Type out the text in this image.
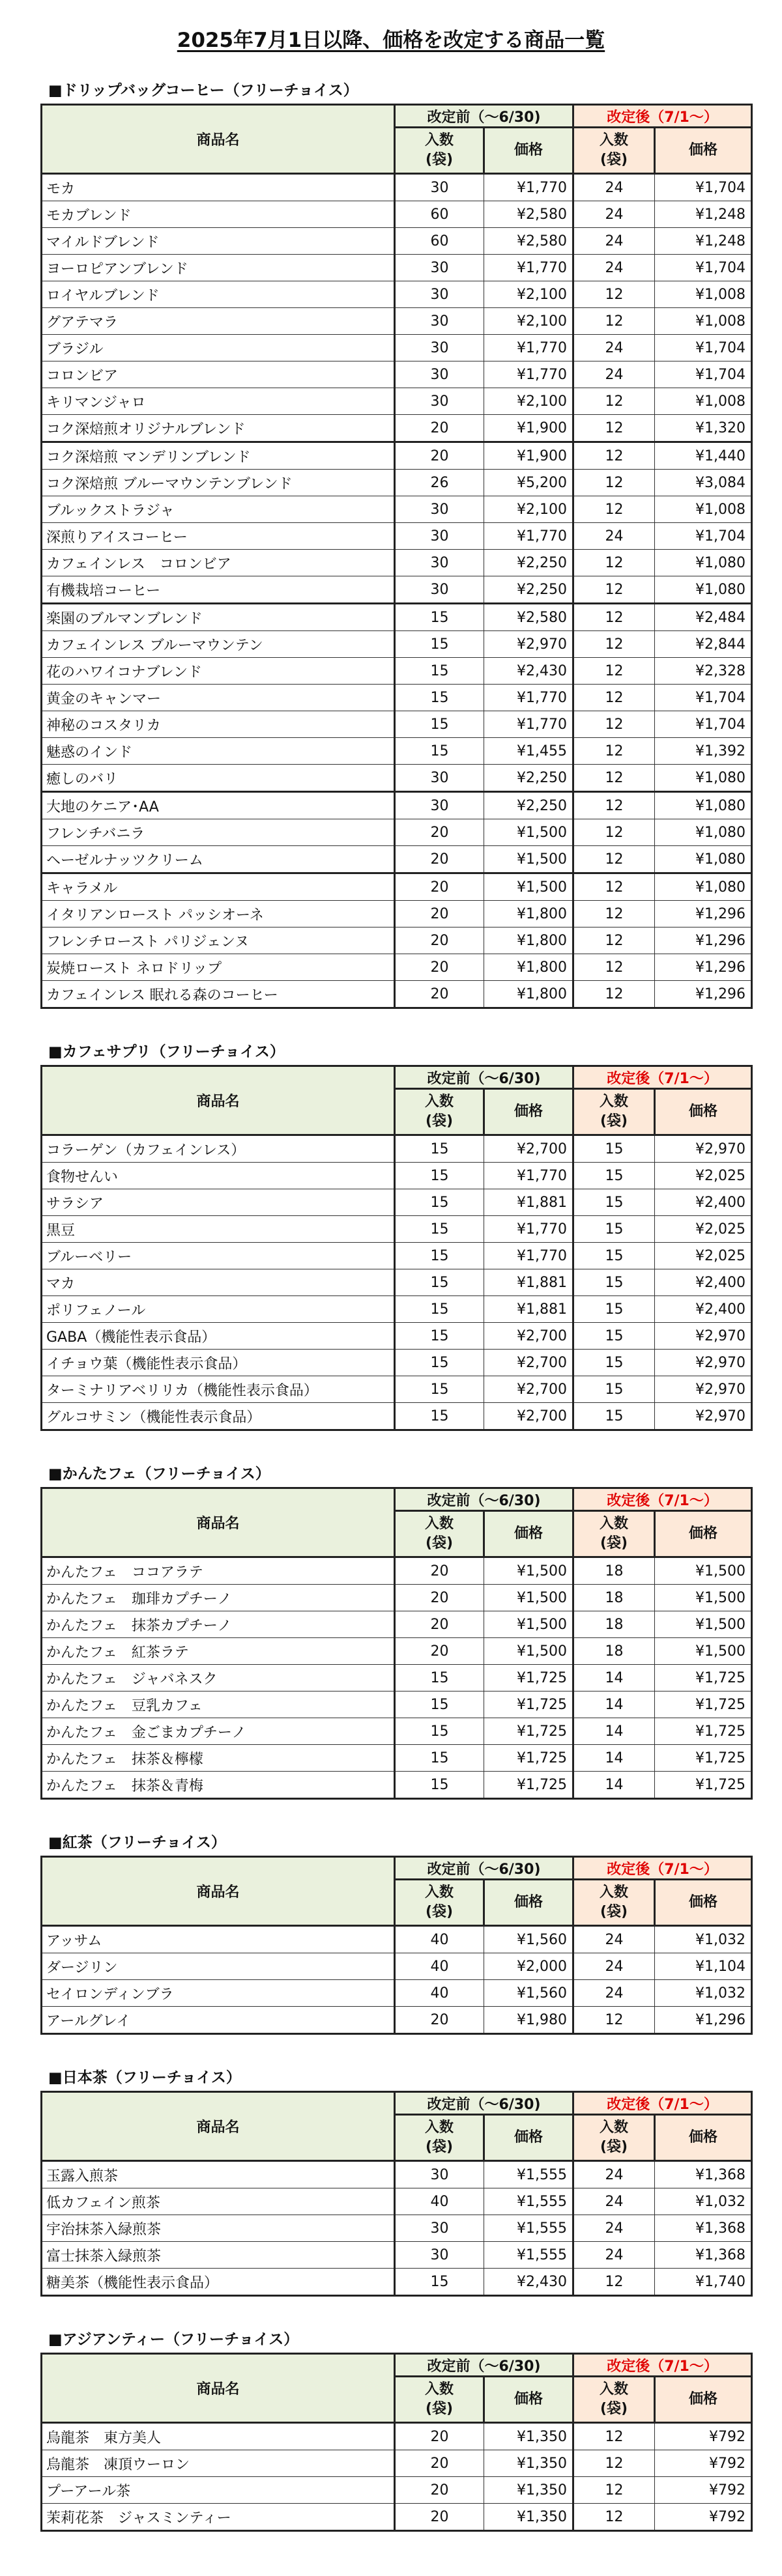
2025年7月1日以降、価格を改定する商品一覧
■ドリップバッグコーヒー（フリーチョイス）
商品名	改定前（～6/30)		改定後（7/1～）	
	入数
(袋)	価格	入数
(袋)	価格
モカ	30	¥1,770	24	¥1,704
モカブレンド	60	¥2,580	24	¥1,248
マイルドブレンド	60	¥2,580	24	¥1,248
ヨーロピアンブレンド	30	¥1,770	24	¥1,704
ロイヤルブレンド	30	¥2,100	12	¥1,008
グアテマラ	30	¥2,100	12	¥1,008
ブラジル	30	¥1,770	24	¥1,704
コロンビア	30	¥1,770	24	¥1,704
キリマンジャロ	30	¥2,100	12	¥1,008
コク深焙煎オリジナルブレンド	20	¥1,900	12	¥1,320
コク深焙煎 マンデリンブレンド	20	¥1,900	12	¥1,440
コク深焙煎 ブルーマウンテンブレンド	26	¥5,200	12	¥3,084
ブルックストラジャ	30	¥2,100	12	¥1,008
深煎りアイスコーヒー	30	¥1,770	24	¥1,704
カフェインレス　コロンビア	30	¥2,250	12	¥1,080
有機栽培コーヒー	30	¥2,250	12	¥1,080
楽園のブルマンブレンド	15	¥2,580	12	¥2,484
カフェインレス ブルーマウンテン	15	¥2,970	12	¥2,844
花のハワイコナブレンド	15	¥2,430	12	¥2,328
黄金のキャンマー	15	¥1,770	12	¥1,704
神秘のコスタリカ	15	¥1,770	12	¥1,704
魅惑のインド	15	¥1,455	12	¥1,392
癒しのバリ	30	¥2,250	12	¥1,080
大地のケニア･AA	30	¥2,250	12	¥1,080
フレンチバニラ	20	¥1,500	12	¥1,080
ヘーゼルナッツクリーム	20	¥1,500	12	¥1,080
キャラメル	20	¥1,500	12	¥1,080
イタリアンロースト パッシオーネ	20	¥1,800	12	¥1,296
フレンチロースト パリジェンヌ	20	¥1,800	12	¥1,296
炭焼ロースト ネロドリップ	20	¥1,800	12	¥1,296
カフェインレス 眠れる森のコーヒー	20	¥1,800	12	¥1,296
■カフェサプリ（フリーチョイス）
商品名	改定前（～6/30)		改定後（7/1～）	
	入数
(袋)	価格	入数
(袋)	価格
コラーゲン（カフェインレス）	15	¥2,700	15	¥2,970
食物せんい	15	¥1,770	15	¥2,025
サラシア	15	¥1,881	15	¥2,400
黒豆	15	¥1,770	15	¥2,025
ブルーベリー	15	¥1,770	15	¥2,025
マカ	15	¥1,881	15	¥2,400
ポリフェノール	15	¥1,881	15	¥2,400
GABA（機能性表示食品）	15	¥2,700	15	¥2,970
イチョウ葉（機能性表示食品）	15	¥2,700	15	¥2,970
ターミナリアベリリカ（機能性表示食品）	15	¥2,700	15	¥2,970
グルコサミン（機能性表示食品）	15	¥2,700	15	¥2,970
■かんたフェ（フリーチョイス）
商品名	改定前（～6/30)		改定後（7/1～）	
	入数
(袋)	価格	入数
(袋)	価格
かんたフェ　ココアラテ	20	¥1,500	18	¥1,500
かんたフェ　珈琲カプチーノ	20	¥1,500	18	¥1,500
かんたフェ　抹茶カプチーノ	20	¥1,500	18	¥1,500
かんたフェ　紅茶ラテ	20	¥1,500	18	¥1,500
かんたフェ　ジャバネスク	15	¥1,725	14	¥1,725
かんたフェ　豆乳カフェ	15	¥1,725	14	¥1,725
かんたフェ　金ごまカプチーノ	15	¥1,725	14	¥1,725
かんたフェ　抹茶＆檸檬	15	¥1,725	14	¥1,725
かんたフェ　抹茶＆青梅	15	¥1,725	14	¥1,725
■紅茶（フリーチョイス）
商品名	改定前（～6/30)		改定後（7/1～）	
	入数
(袋)	価格	入数
(袋)	価格
アッサム	40	¥1,560	24	¥1,032
ダージリン	40	¥2,000	24	¥1,104
セイロンディンブラ	40	¥1,560	24	¥1,032
アールグレイ	20	¥1,980	12	¥1,296
■日本茶（フリーチョイス）
商品名	改定前（～6/30)		改定後（7/1～）	
	入数
(袋)	価格	入数
(袋)	価格
玉露入煎茶	30	¥1,555	24	¥1,368
低カフェイン煎茶	40	¥1,555	24	¥1,032
宇治抹茶入緑煎茶	30	¥1,555	24	¥1,368
富士抹茶入緑煎茶	30	¥1,555	24	¥1,368
糖美茶（機能性表示食品）	15	¥2,430	12	¥1,740
■アジアンティー（フリーチョイス）
商品名	改定前（～6/30)		改定後（7/1～）	
	入数
(袋)	価格	入数
(袋)	価格
烏龍茶　東方美人	20	¥1,350	12	¥792
烏龍茶　凍頂ウーロン	20	¥1,350	12	¥792
プーアール茶	20	¥1,350	12	¥792
茉莉花茶　ジャスミンティー	20	¥1,350	12	¥792
